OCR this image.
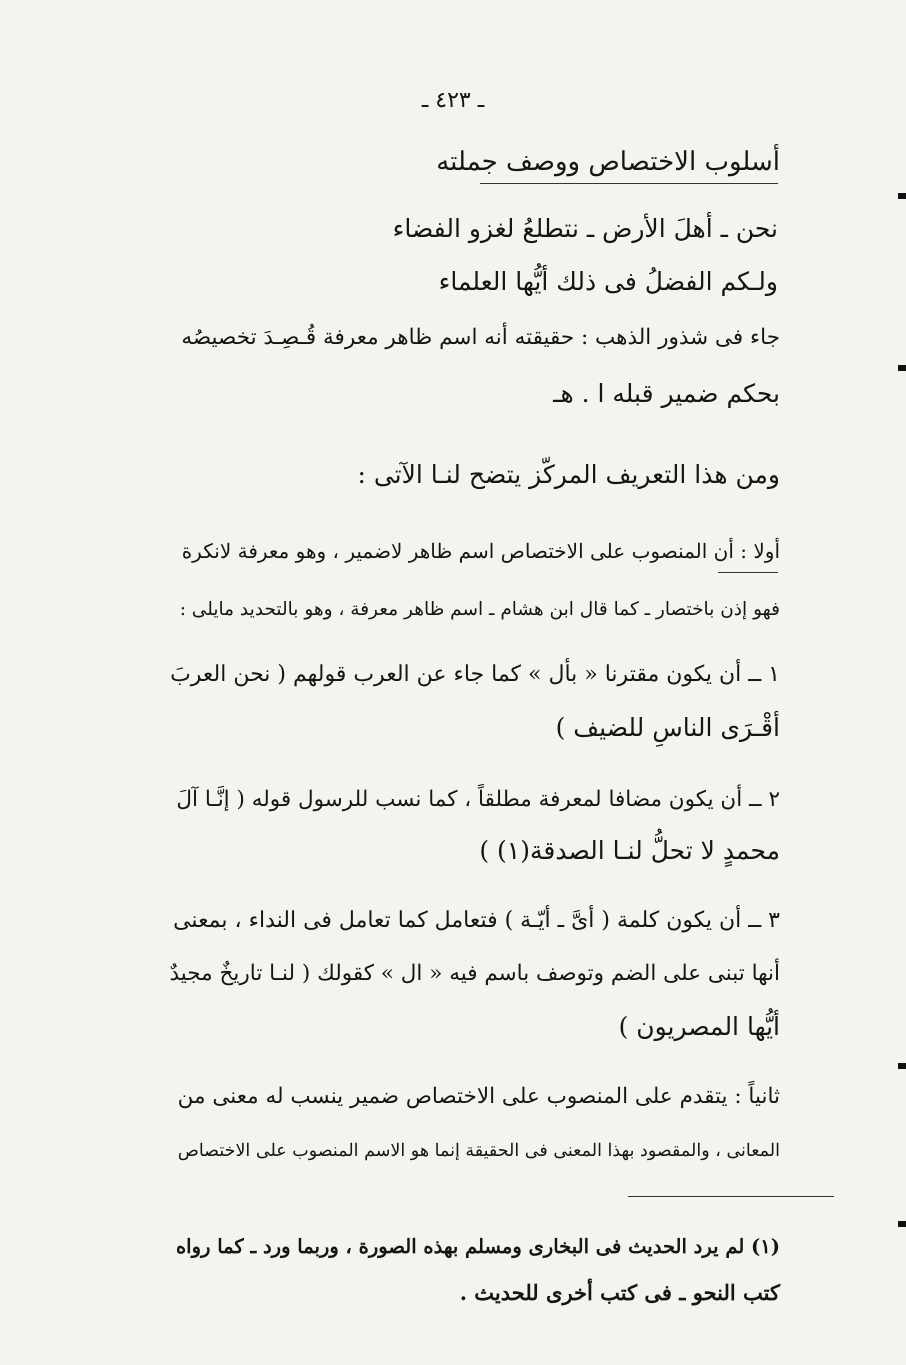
ـ ٤٢٣ ـ
أسلوب الاختصاص ووصف جملته
نحن ـ أهلَ الأرض ـ نتطلعُ لغزو الفضاء
ولـكم الفضلُ فى ذلك أيُّها العلماء
جاء فى شذور الذهب : حقيقته أنه اسم ظاهر معرفة قُـصِـدَ تخصيصُه
بحكم ضمير قبله ا . هـ
ومن هذا التعريف المركّز يتضح لنـا الآتى :
أولا : أن المنصوب على الاختصاص اسم ظاهر لاضمير ، وهو معرفة لانكرة
فهو إذن باختصار ـ كما قال ابن هشام ـ اسم ظاهر معرفة ، وهو بالتحديد مايلى :
١ ــ أن يكون مقترنا « بأل » كما جاء عن العرب قولهم ( نحن العربَ
أقْـرَى الناسِ للضيف )
٢ ــ أن يكون مضافا لمعرفة مطلقاً ، كما نسب للرسول قوله ( إنَّـا آلَ
محمدٍ لا تحلُّ لنـا الصدقة(١) )
٣ ــ أن يكون كلمة ( أىَّ ـ أيّـة ) فتعامل كما تعامل فى النداء ، بمعنى
أنها تبنى على الضم وتوصف باسم فيه « ال » كقولك ( لنـا تاريخٌ مجيدٌ
أيُّها المصريون )
ثانياً : يتقدم على المنصوب على الاختصاص ضمير ينسب له معنى من
المعانى ، والمقصود بهذا المعنى فى الحقيقة إنما هو الاسم المنصوب على الاختصاص
(١) لم يرد الحديث فى البخارى ومسلم بهذه الصورة ، وربما ورد ـ كما رواه
كتب النحو ـ فى كتب أخرى للحديث .
